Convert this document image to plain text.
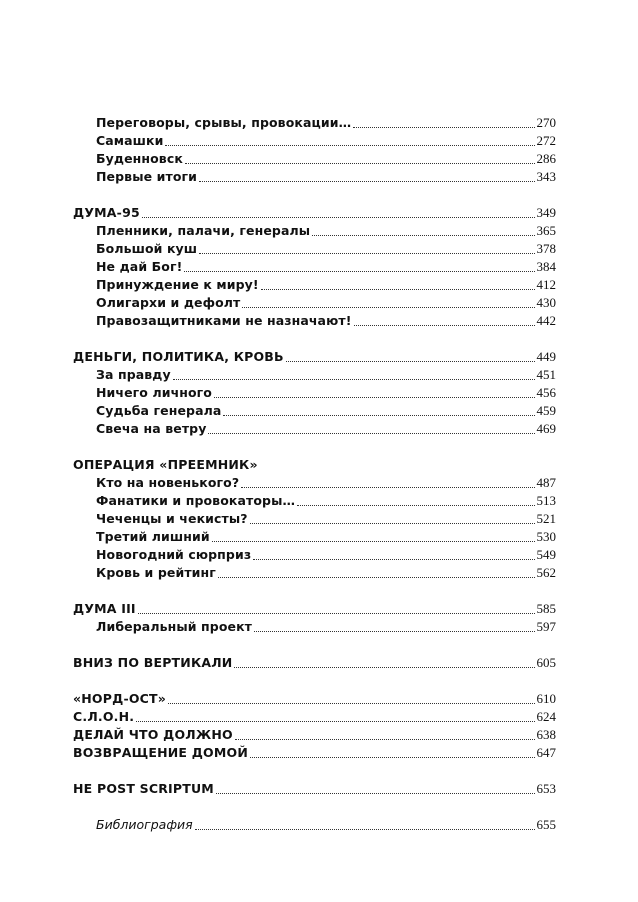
Переговоры, срывы, провокации…	270
Самашки	272
Буденновск	286
Первые итоги	343
ДУМА-95	349
Пленники, палачи, генералы	365
Большой куш	378
Не дай Бог!	384
Принуждение к миру!	412
Олигархи и дефолт	430
Правозащитниками не назначают!	442
ДЕНЬГИ, ПОЛИТИКА, КРОВЬ	449
За правду	451
Ничего личного	456
Судьба генерала	459
Свеча на ветру	469
ОПЕРАЦИЯ «ПРЕЕМНИК»
Кто на новенького?	487
Фанатики и провокаторы…	513
Чеченцы и чекисты?	521
Третий лишний	530
Новогодний сюрприз	549
Кровь и рейтинг	562
ДУМА III	585
Либеральный проект	597
ВНИЗ ПО ВЕРТИКАЛИ	605
«НОРД-ОСТ»	610
С.Л.О.Н.	624
ДЕЛАЙ ЧТО ДОЛЖНО	638
ВОЗВРАЩЕНИЕ ДОМОЙ	647
НЕ POST SCRIPTUM	653
Библиография	655
